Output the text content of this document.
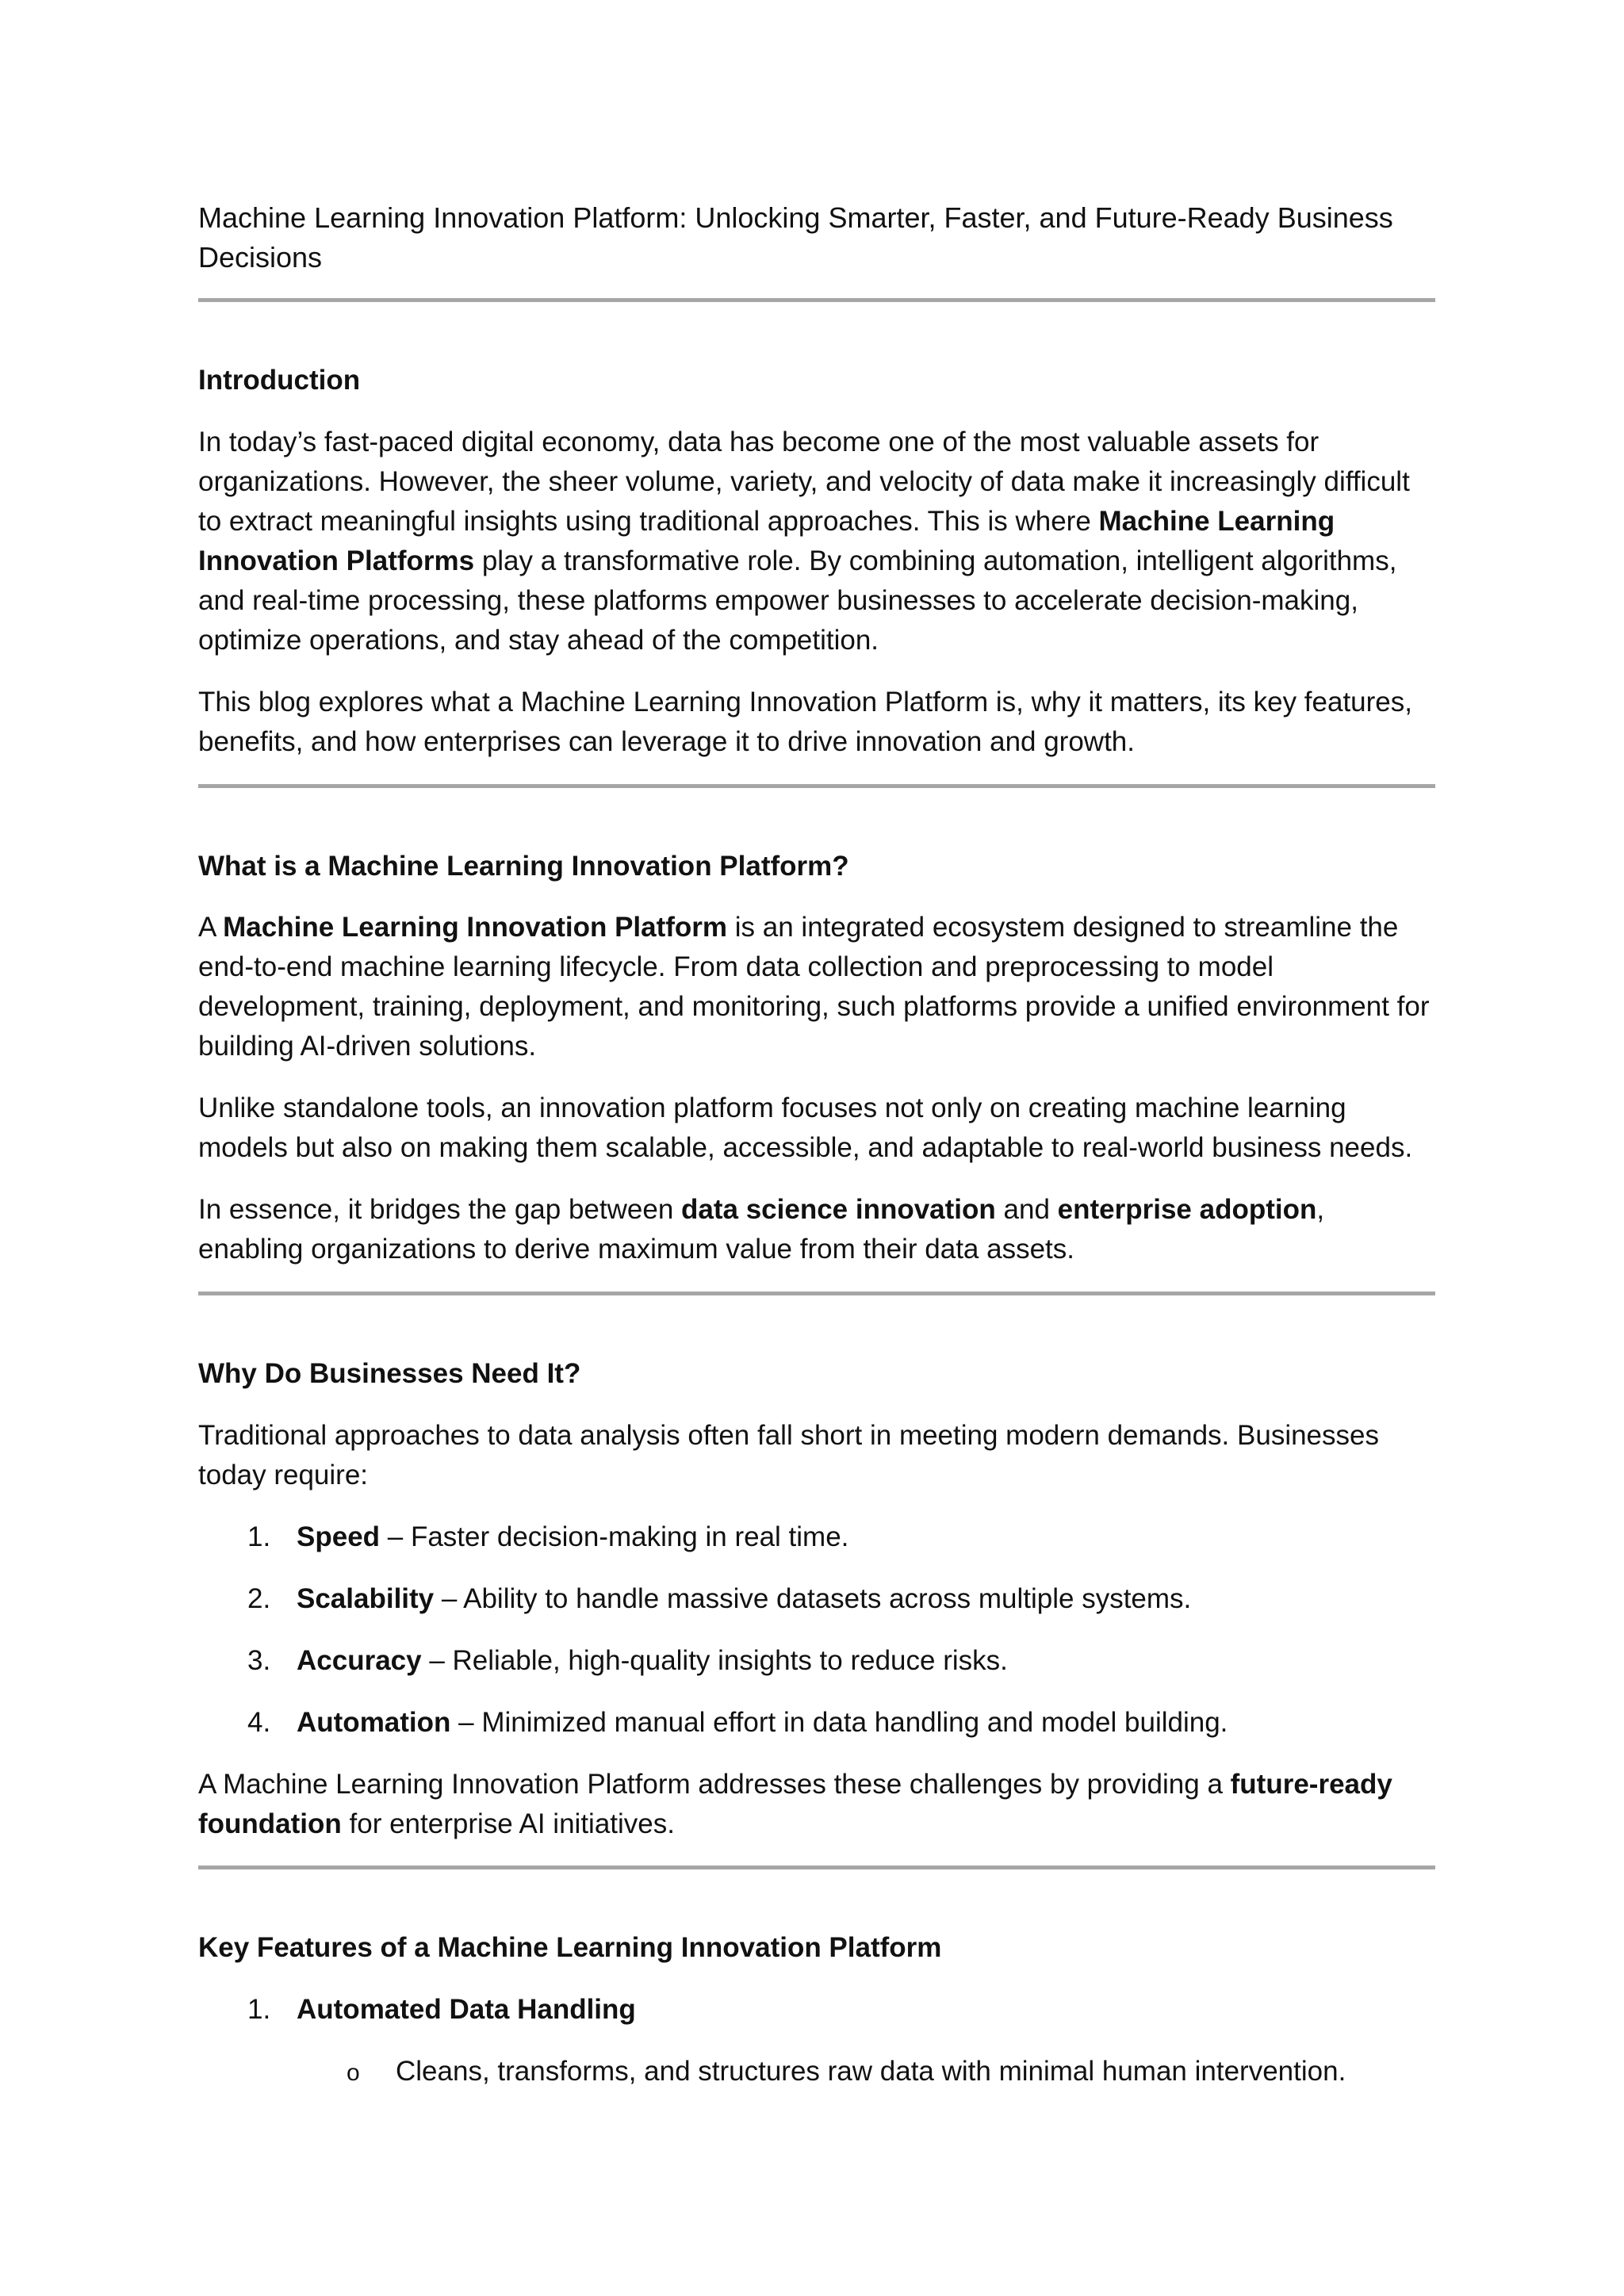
Machine Learning Innovation Platform: Unlocking Smarter, Faster, and Future-Ready Business Decisions
Introduction
In today’s fast-paced digital economy, data has become one of the most valuable assets for organizations. However, the sheer volume, variety, and velocity of data make it increasingly difficult to extract meaningful insights using traditional approaches. This is where Machine Learning Innovation Platforms play a transformative role. By combining automation, intelligent algorithms, and real-time processing, these platforms empower businesses to accelerate decision-making, optimize operations, and stay ahead of the competition.
This blog explores what a Machine Learning Innovation Platform is, why it matters, its key features, benefits, and how enterprises can leverage it to drive innovation and growth.
What is a Machine Learning Innovation Platform?
A Machine Learning Innovation Platform is an integrated ecosystem designed to streamline the end-to-end machine learning lifecycle. From data collection and preprocessing to model development, training, deployment, and monitoring, such platforms provide a unified environment for building AI-driven solutions.
Unlike standalone tools, an innovation platform focuses not only on creating machine learning models but also on making them scalable, accessible, and adaptable to real-world business needs.
In essence, it bridges the gap between data science innovation and enterprise adoption, enabling organizations to derive maximum value from their data assets.
Why Do Businesses Need It?
Traditional approaches to data analysis often fall short in meeting modern demands. Businesses today require:
1. Speed – Faster decision-making in real time.
2. Scalability – Ability to handle massive datasets across multiple systems.
3. Accuracy – Reliable, high-quality insights to reduce risks.
4. Automation – Minimized manual effort in data handling and model building.
A Machine Learning Innovation Platform addresses these challenges by providing a future-ready foundation for enterprise AI initiatives.
Key Features of a Machine Learning Innovation Platform
1. Automated Data Handling
o Cleans, transforms, and structures raw data with minimal human intervention.
